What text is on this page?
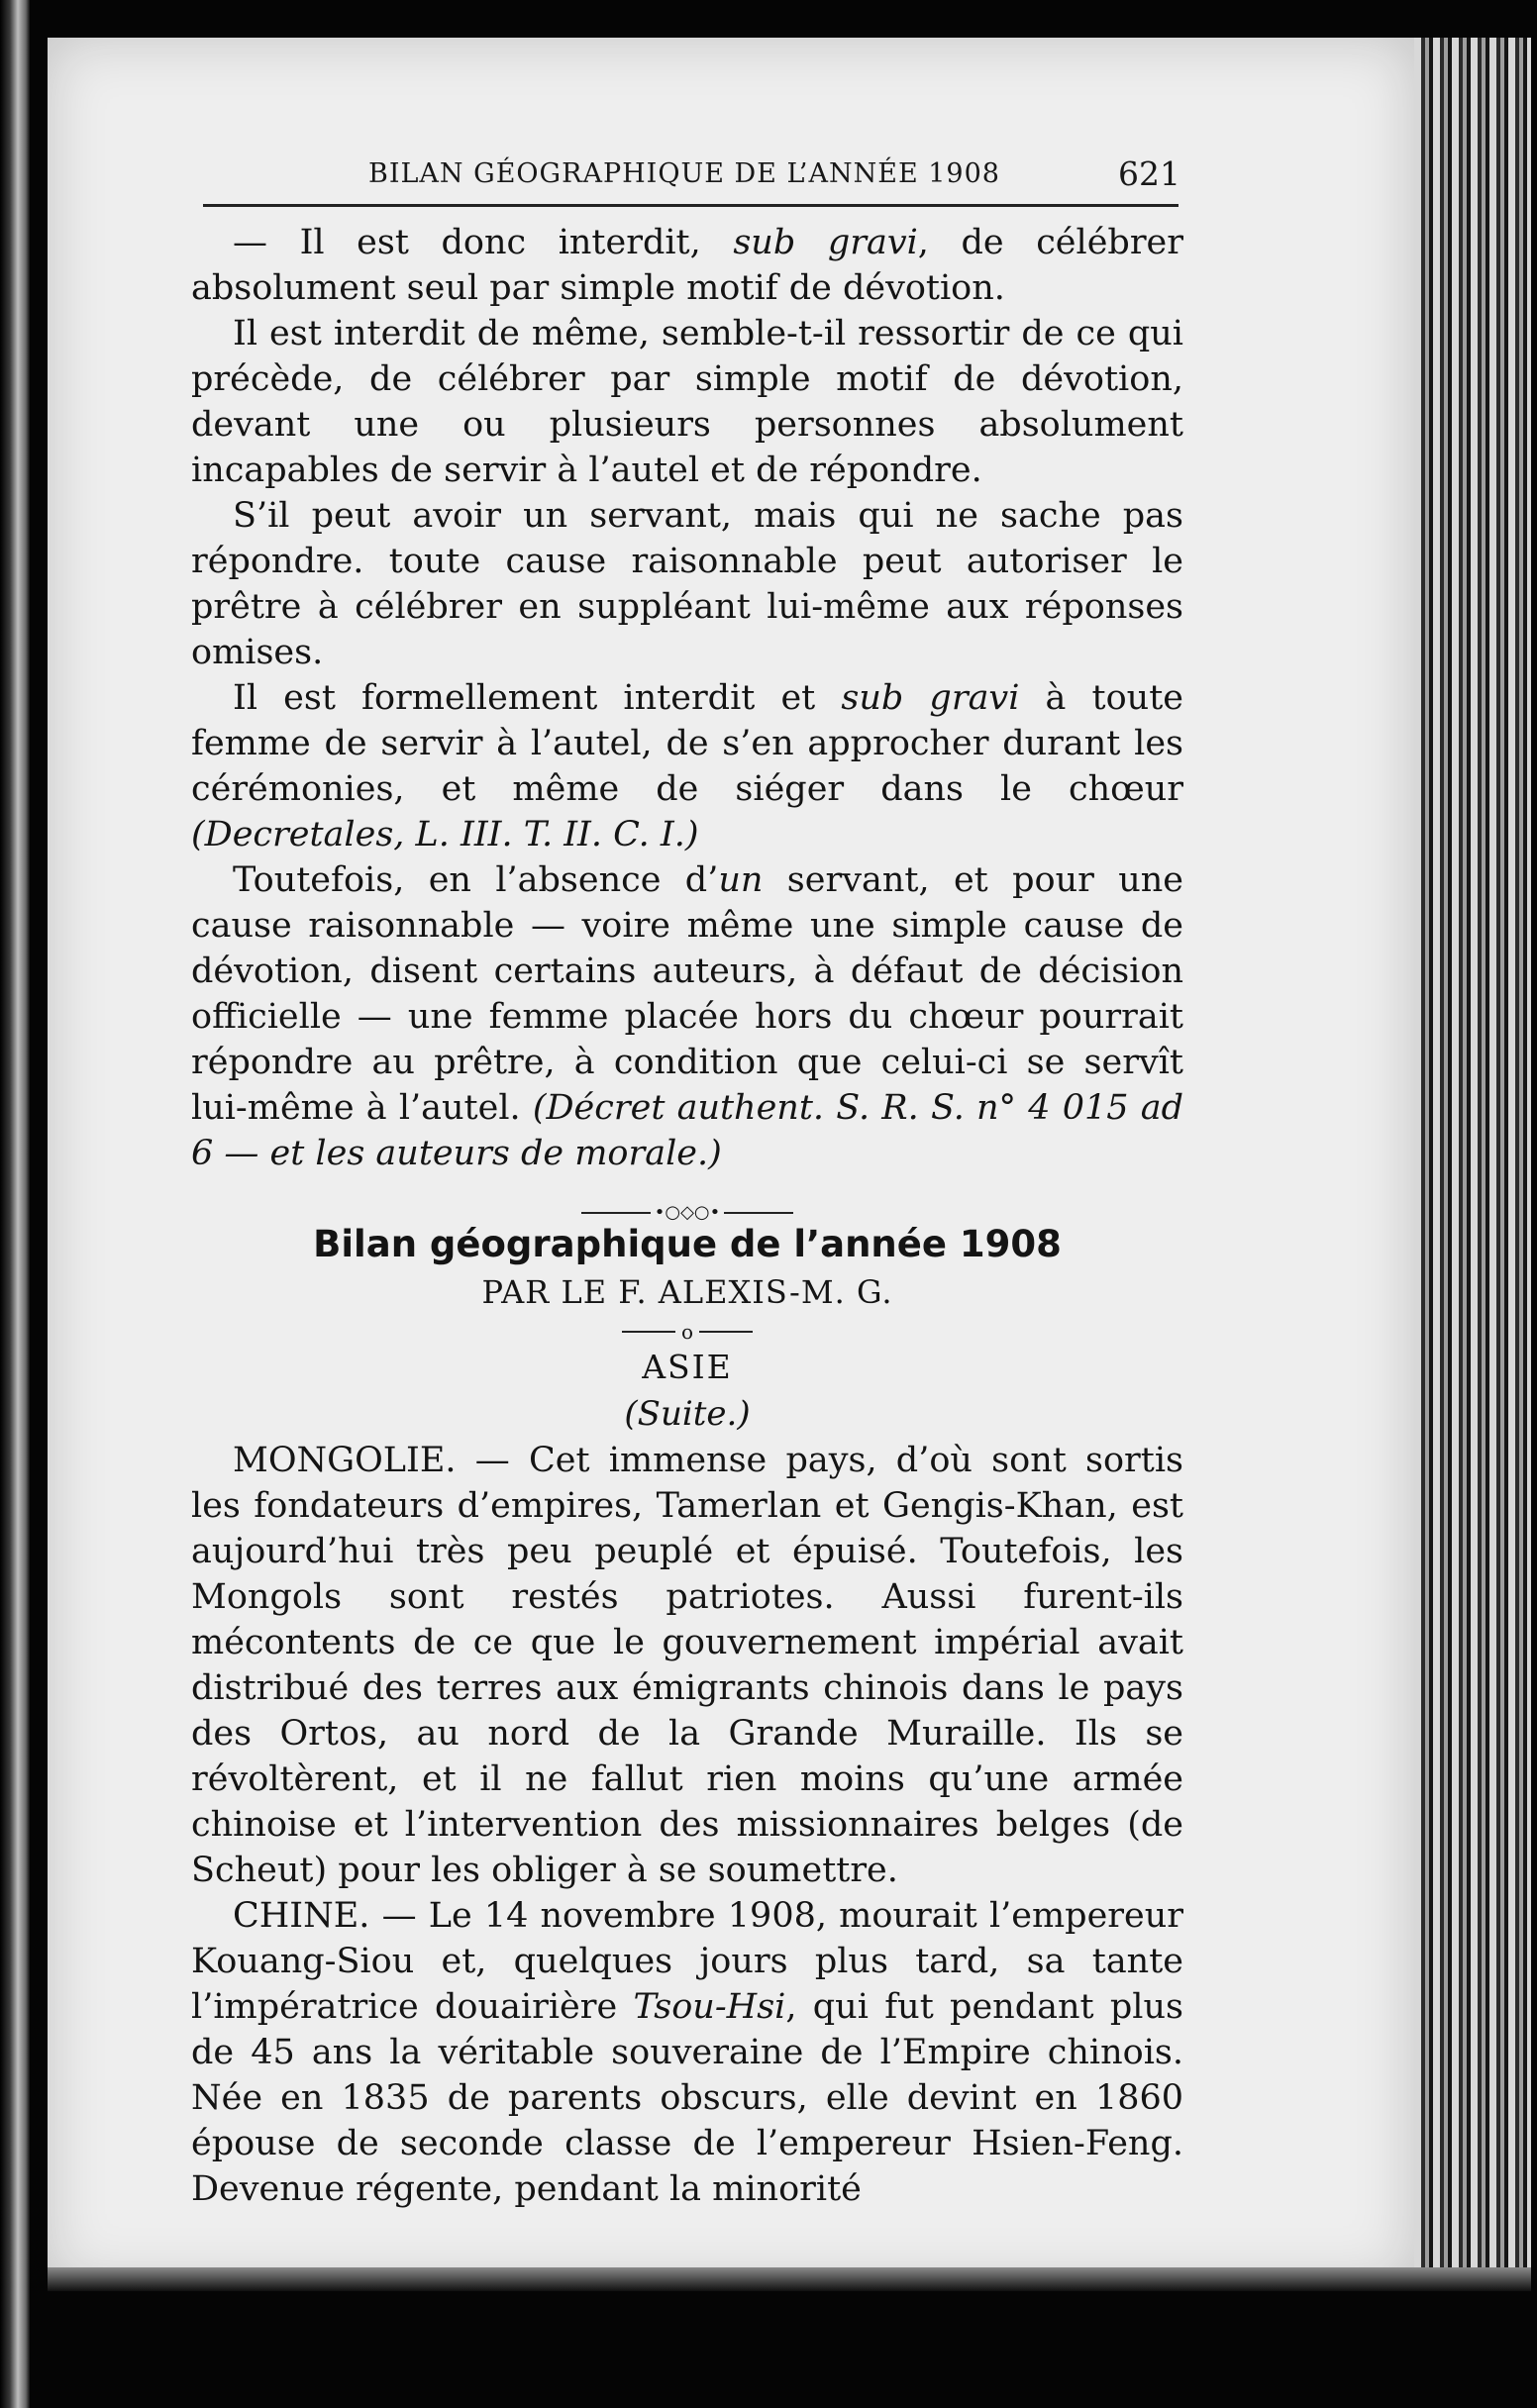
BILAN GÉOGRAPHIQUE DE L’ANNÉE 1908	621

— Il est donc interdit, sub gravi, de célébrer absolument seul par simple motif de dévotion.

Il est interdit de même, semble-t-il ressortir de ce qui précède, de célébrer par simple motif de dévotion, devant une ou plusieurs personnes absolument incapables de servir à l’autel et de répondre.

S’il peut avoir un servant, mais qui ne sache pas répondre. toute cause raisonnable peut autoriser le prêtre à célébrer en suppléant lui-même aux réponses omises.

Il est formellement interdit et sub gravi à toute femme de servir à l’autel, de s’en approcher durant les cérémonies, et même de siéger dans le chœur (Decretales, L. III. T. II. C. I.)

Toutefois, en l’absence d’un servant, et pour une cause raisonnable — voire même une simple cause de dévotion, disent certains auteurs, à défaut de décision officielle — une femme placée hors du chœur pourrait répondre au prêtre, à condition que celui-ci se servît lui-même à l’autel. (Décret authent. S. R. S. n° 4 015 ad 6 — et les auteurs de morale.)

•○◇○•
Bilan géographique de l’année 1908
PAR LE F. ALEXIS-M. G.
o
ASIE
(Suite.)

MONGOLIE. — Cet immense pays, d’où sont sortis les fondateurs d’empires, Tamerlan et Gengis-Khan, est aujourd’hui très peu peuplé et épuisé. Toutefois, les Mongols sont restés patriotes. Aussi furent-ils mécontents de ce que le gouvernement impérial avait distribué des terres aux émigrants chinois dans le pays des Ortos, au nord de la Grande Muraille. Ils se révoltèrent, et il ne fallut rien moins qu’une armée chinoise et l’intervention des missionnaires belges (de Scheut) pour les obliger à se soumettre.

CHINE. — Le 14 novembre 1908, mourait l’empereur Kouang-Siou et, quelques jours plus tard, sa tante l’impératrice douairière Tsou-Hsi, qui fut pendant plus de 45 ans la véritable souveraine de l’Empire chinois. Née en 1835 de parents obscurs, elle devint en 1860 épouse de seconde classe de l’empereur Hsien-Feng. Devenue régente, pendant la minorité
